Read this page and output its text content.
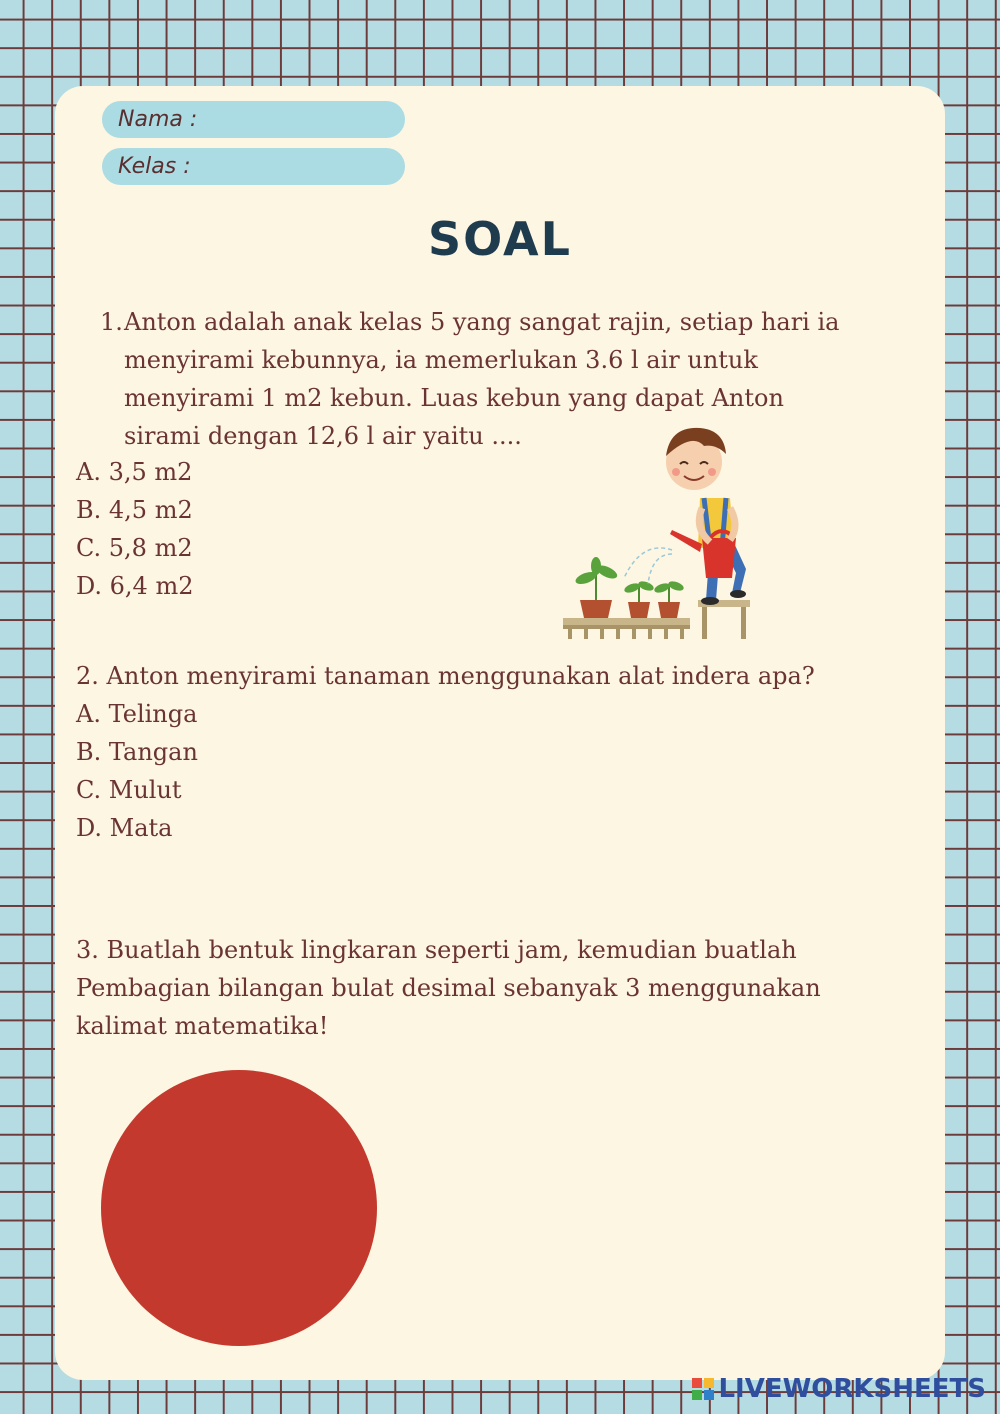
Nama :
Kelas :
SOAL
1. Anton adalah anak kelas 5 yang sangat rajin, setiap hari ia
menyirami kebunnya, ia memerlukan 3.6 l air untuk
menyirami 1 m2 kebun. Luas kebun yang dapat Anton
sirami dengan 12,6 l air yaitu ....
A. 3,5 m2
B. 4,5 m2
C. 5,8 m2
D. 6,4 m2
2. Anton menyirami tanaman menggunakan alat indera apa?
A. Telinga
B. Tangan
C. Mulut
D. Mata
3. Buatlah bentuk lingkaran seperti jam, kemudian buatlah
Pembagian bilangan bulat desimal sebanyak 3 menggunakan
kalimat matematika!
LIVEWORKSHEETS
